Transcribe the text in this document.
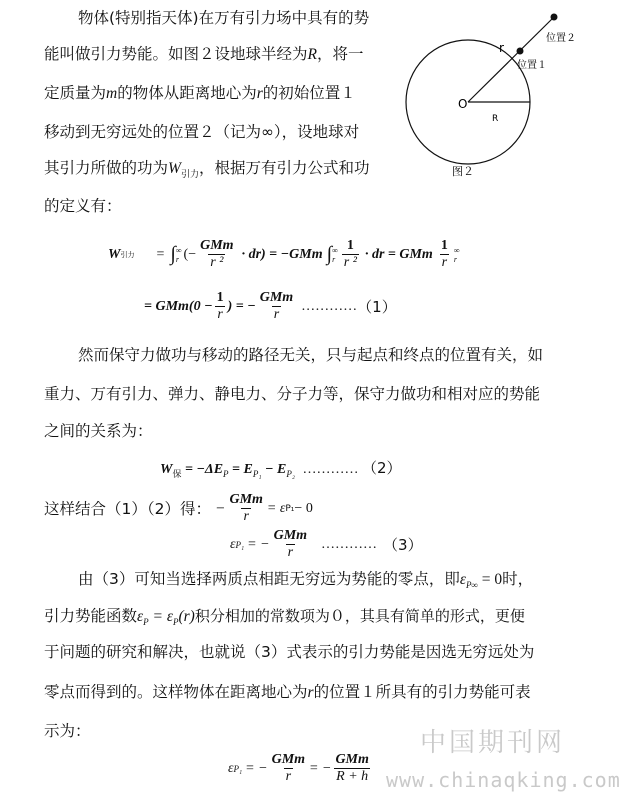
物体(特别指天体)在万有引力场中具有的势
能叫做引力势能。如图２设地球半经为R，将一
定质量为m的物体从距离地心为r的初始位置１
移动到无穷远处的位置２（记为∞），设地球对
其引力所做的功为$W_{引力}$，根据万有引力公式和功
的定义有：
O
R
r
位置１
位置２
图２
W 引力 = ∫ ∞
r (− $\frac{\text{GMm}}{\text{r ²}} \cdot dr) = -GMm$ ∫ ∞
r $\frac{1}{\text{r ²}}$ · dr = GMm $\frac{1}{r}$ ∞
r
= $GMm(0 - \frac{1}{r}$ ) = − $\frac{\text{GMm}}{r}$ ………… （1）
然而保守力做功与移动的路径无关，只与起点和终点的位置有关，如
重力、万有引力、弹力、静电力、分子力等，保守力做功和相对应的势能
之间的关系为：
$W_保 = -\Delta E_P = E_{P_1} - E_{P_2}$ ………… （2）
这样结合（1）（2）得： − $\frac{\text{GMm}}{r} = \varepsilon$ P₁ − 0
ε P₁ = − $\frac{\text{GMm}}{r}$ ………… （3）
由（3）可知当选择两质点相距无穷远为势能的零点，即$\varepsilon_{P\infty} = 0$时，
引力势能函数$\varepsilon_P = \varepsilon_P(r)$积分相加的常数项为０，其具有简单的形式，更便
于问题的研究和解决，也就说（3）式表示的引力势能是因选无穷远处为
零点而得到的。这样物体在距离地心为r的位置１所具有的引力势能可表
示为：
ε P₁ = − $\frac{\text{GMm}}{r}$ = − $\frac{\text{GMm}}{R + h}$
中国期刊网
www.chinaqking.com
